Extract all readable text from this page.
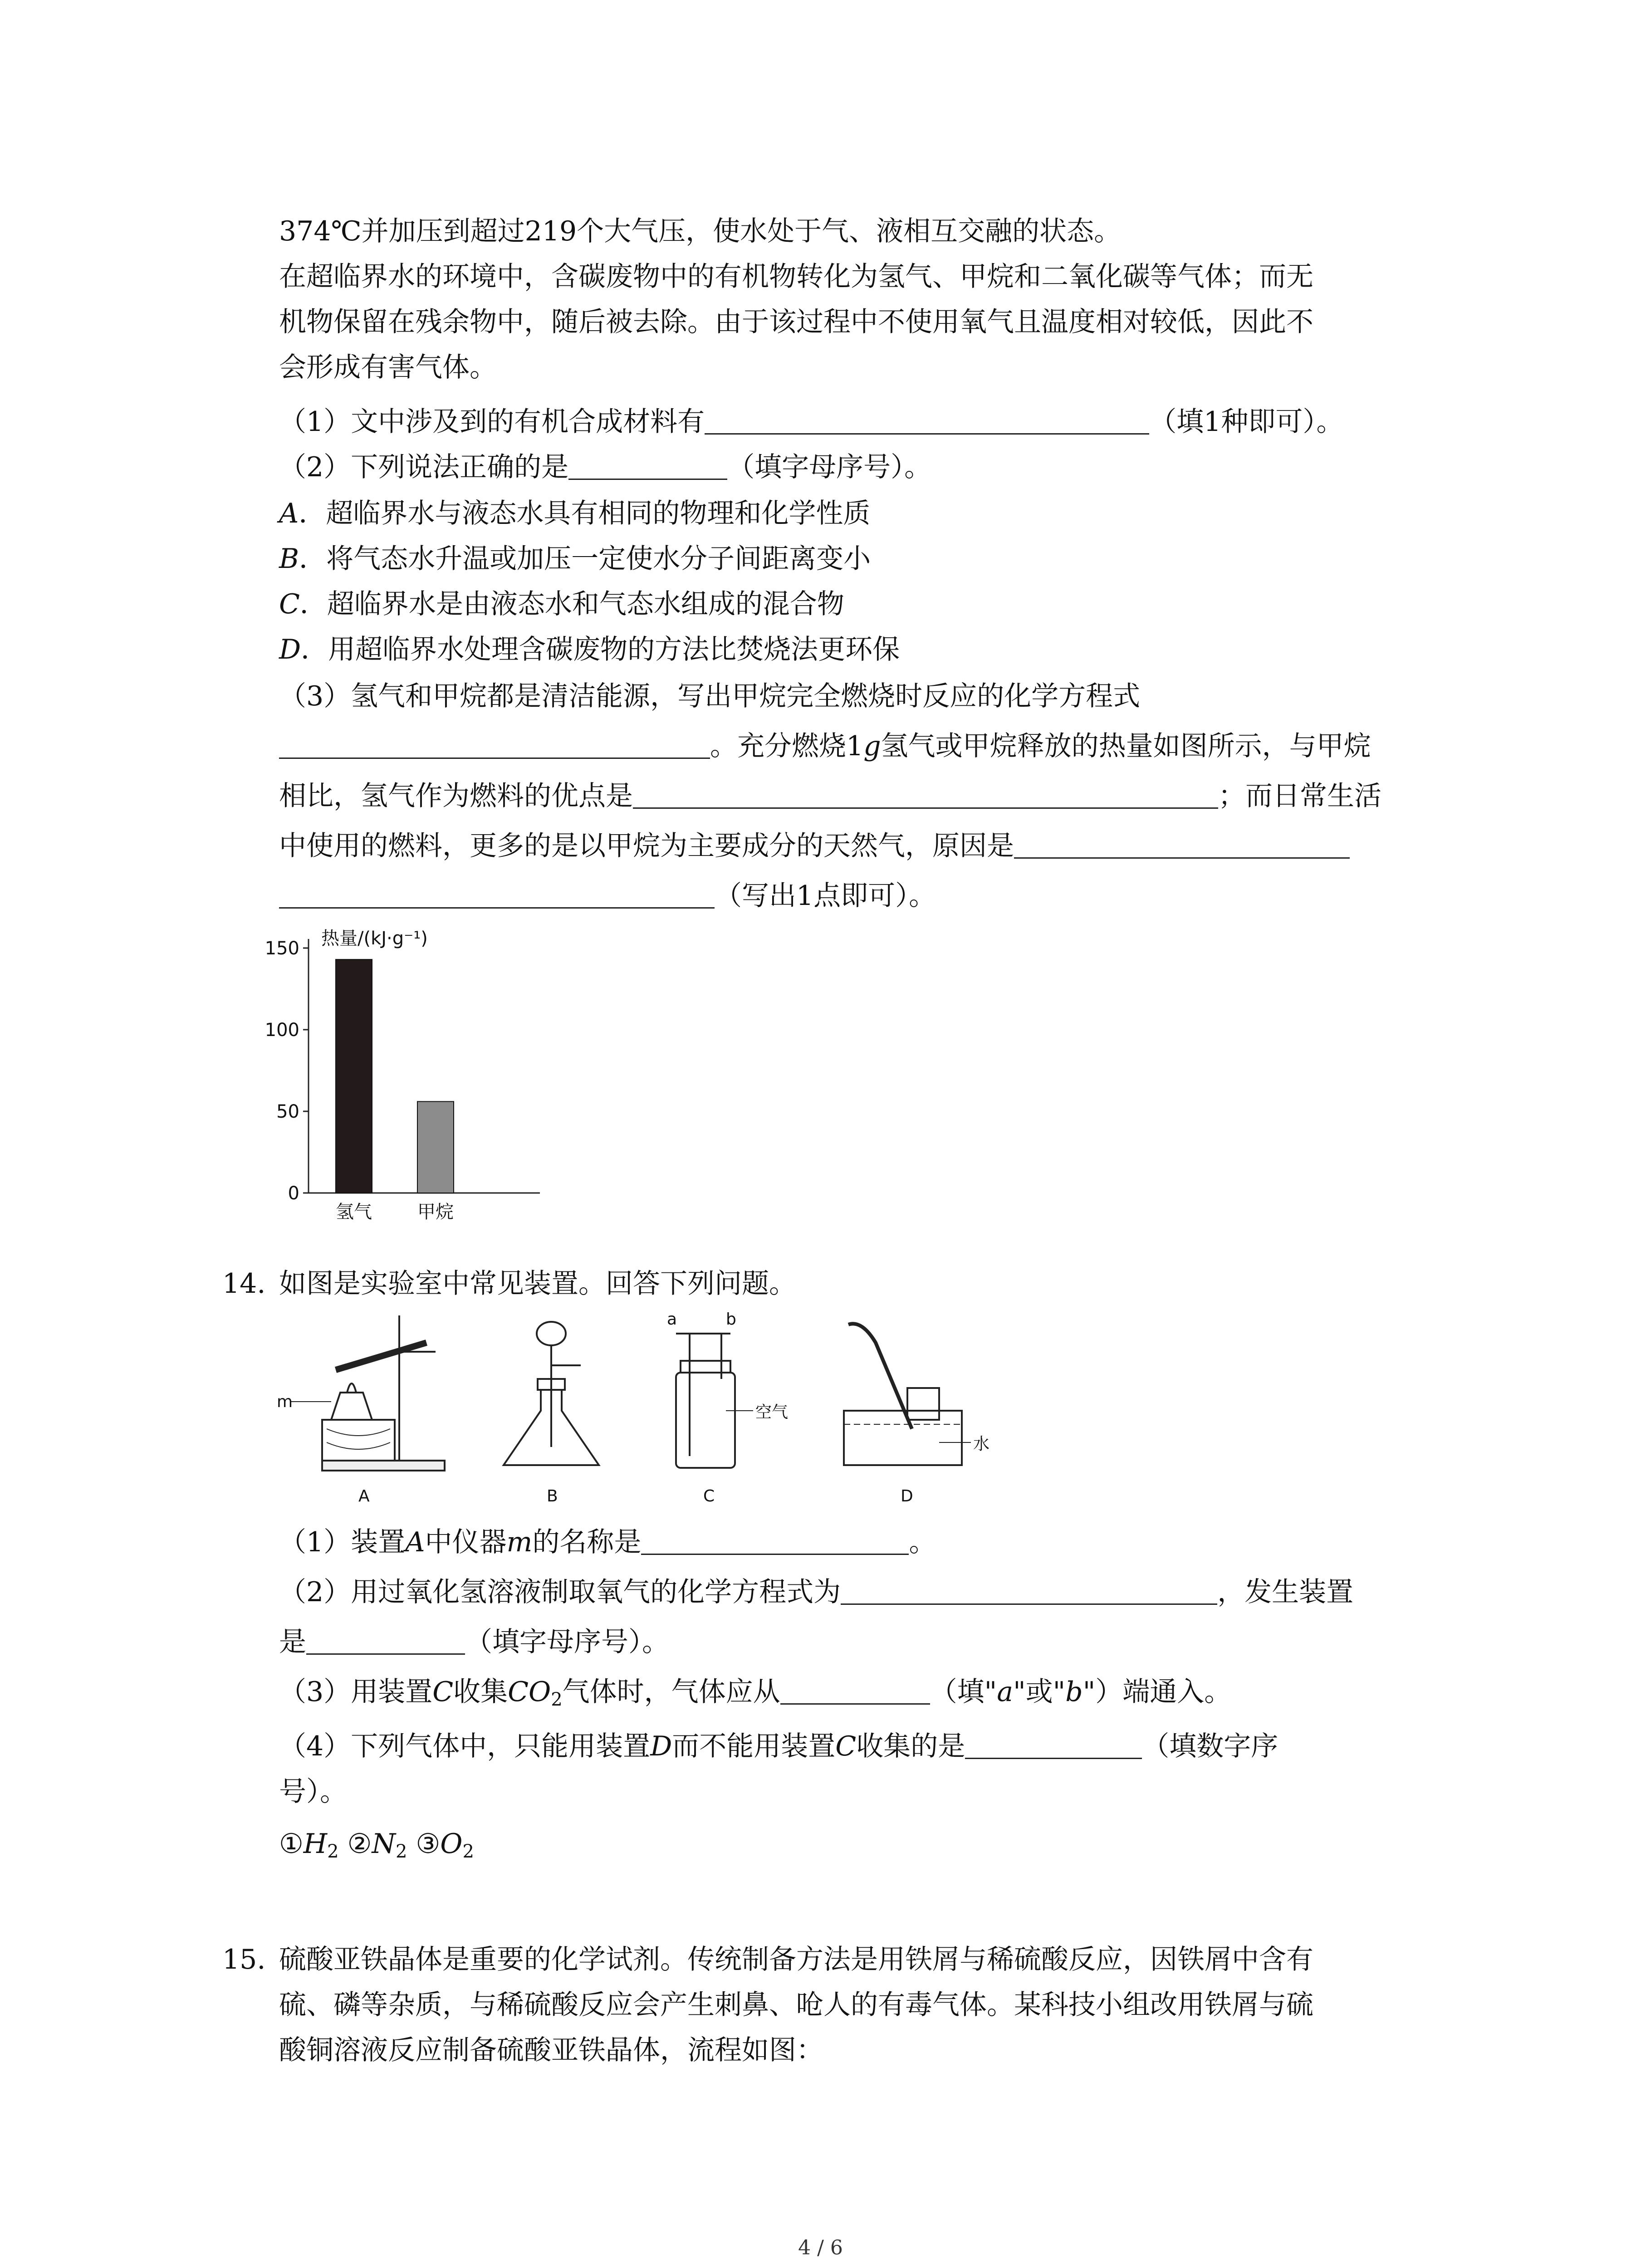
374℃并加压到超过219个大气压，使水处于气、液相互交融的状态。
在超临界水的环境中，含碳废物中的有机物转化为氢气、甲烷和二氧化碳等气体；而无
机物保留在残余物中，随后被去除。由于该过程中不使用氧气且温度相对较低，因此不
会形成有害气体。
（1）文中涉及到的有机合成材料有	（填1种即可）。
（2）下列说法正确的是	（填字母序号）。
A．超临界水与液态水具有相同的物理和化学性质
B．将气态水升温或加压一定使水分子间距离变小
C．超临界水是由液态水和气态水组成的混合物
D．用超临界水处理含碳废物的方法比焚烧法更环保
（3）氢气和甲烷都是清洁能源，写出甲烷完全燃烧时反应的化学方程式
。充分燃烧1g氢气或甲烷释放的热量如图所示，与甲烷
相比，氢气作为燃料的优点是	；而日常生活
中使用的燃料，更多的是以甲烷为主要成分的天然气，原因是
（写出1点即可）。
热量/(kJ·g⁻¹)
0
50
100
150
氢气	甲烷
14. 如图是实验室中常见装置。回答下列问题。
A	B	C	D
m
a	b
空气
水
（1）装置A中仪器m的名称是	。
（2）用过氧化氢溶液制取氧气的化学方程式为	，发生装置
是	（填字母序号）。
（3）用装置C收集$CO_2$气体时，气体应从	（填"a"或"b"）端通入。
（4）下列气体中，只能用装置D而不能用装置C收集的是	（填数字序
号）。
$①H_2$ $②N_2$ $③O_2$
15. 硫酸亚铁晶体是重要的化学试剂。传统制备方法是用铁屑与稀硫酸反应，因铁屑中含有
硫、磷等杂质，与稀硫酸反应会产生刺鼻、呛人的有毒气体。某科技小组改用铁屑与硫
酸铜溶液反应制备硫酸亚铁晶体，流程如图：
4 / 6
